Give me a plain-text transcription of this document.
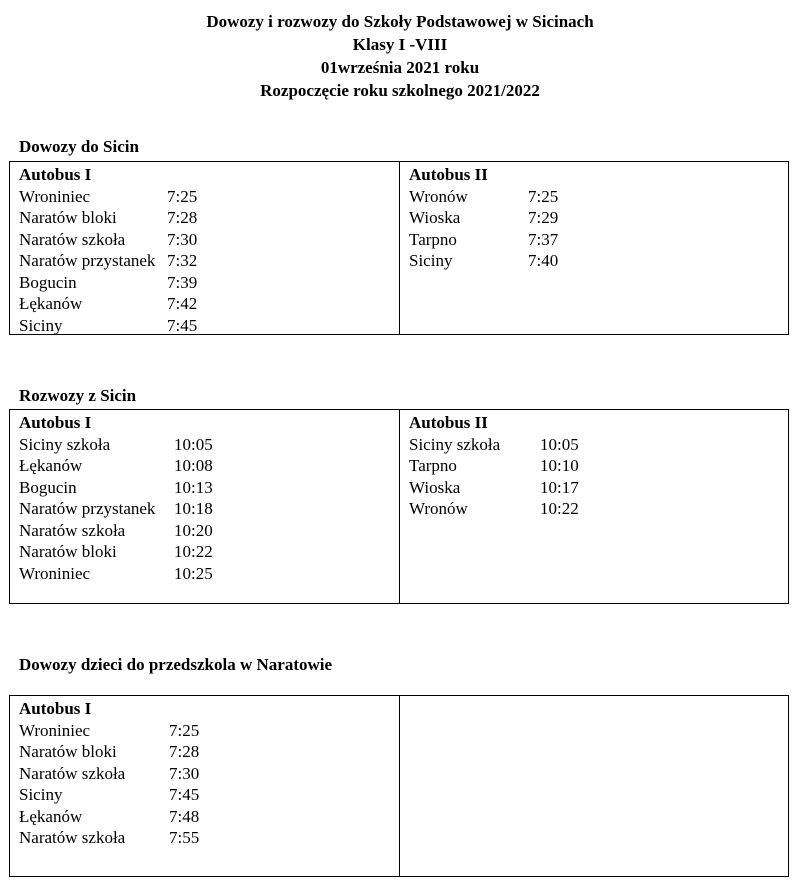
Dowozy i rozwozy do Szkoły Podstawowej w Sicinach
Klasy I -VIII
01września 2021 roku
Rozpoczęcie roku szkolnego 2021/2022
Dowozy do Sicin
Autobus I
Wroniniec	7:25
Naratów bloki	7:28
Naratów szkoła 7:30
Naratów przystanek 7:32
Bogucin	7:39
Łękanów	7:42
Siciny	7:45
Autobus II
Wronów	7:25
Wioska	7:29
Tarpno	7:37
Siciny	7:40
Rozwozy z Sicin
Autobus I
Siciny szkoła	10:05
Łękanów	10:08
Bogucin	10:13
Naratów przystanek 10:18
Naratów szkoła	10:20
Naratów bloki	10:22
Wroniniec	10:25
Autobus II
Siciny szkoła 10:05
Tarpno	10:10
Wioska	10:17
Wronów	10:22
Dowozy dzieci do przedszkola w Naratowie
Autobus I
Wroniniec	7:25
Naratów bloki	7:28
Naratów szkoła	7:30
Siciny	7:45
Łękanów	7:48
Naratów szkoła	7:55
